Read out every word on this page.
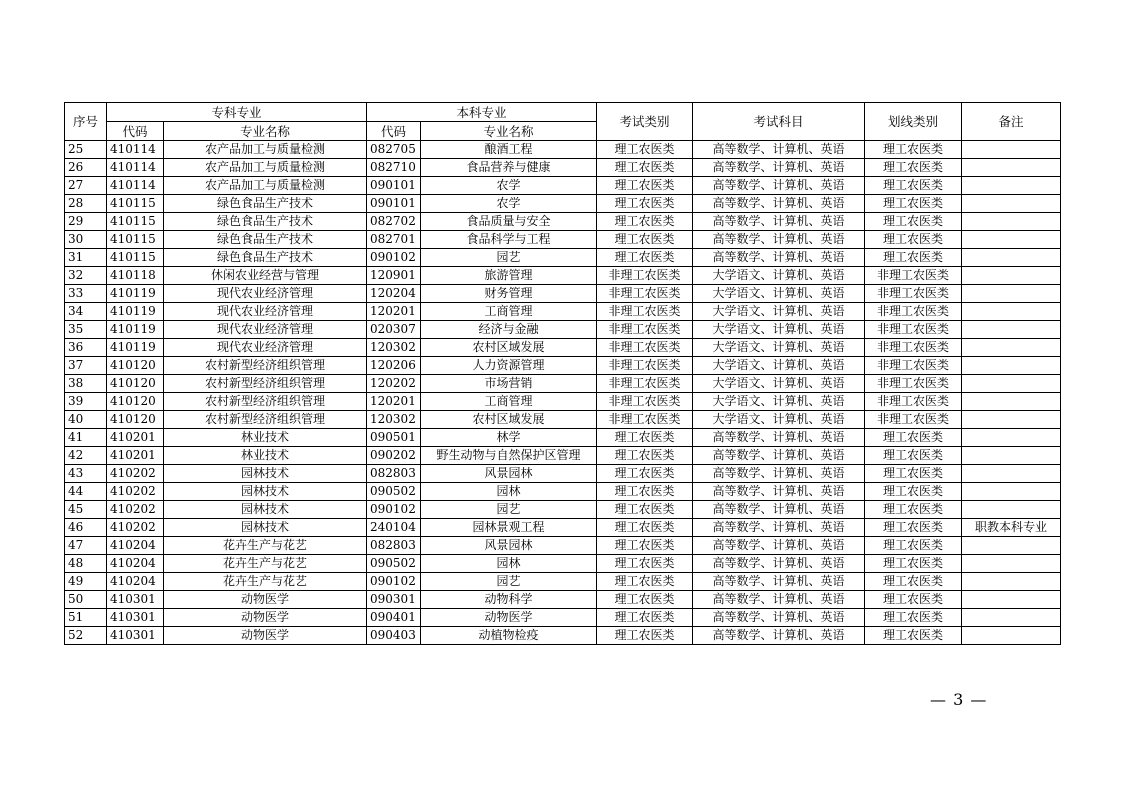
序号	专科专业		本科专业		考试类别	考试科目	划线类别	备注
	代码	专业名称	代码	专业名称				
25	410114	农产品加工与质量检测	082705	酿酒工程	理工农医类	高等数学、计算机、英语	理工农医类	
26	410114	农产品加工与质量检测	082710	食品营养与健康	理工农医类	高等数学、计算机、英语	理工农医类	
27	410114	农产品加工与质量检测	090101	农学	理工农医类	高等数学、计算机、英语	理工农医类	
28	410115	绿色食品生产技术	090101	农学	理工农医类	高等数学、计算机、英语	理工农医类	
29	410115	绿色食品生产技术	082702	食品质量与安全	理工农医类	高等数学、计算机、英语	理工农医类	
30	410115	绿色食品生产技术	082701	食品科学与工程	理工农医类	高等数学、计算机、英语	理工农医类	
31	410115	绿色食品生产技术	090102	园艺	理工农医类	高等数学、计算机、英语	理工农医类	
32	410118	休闲农业经营与管理	120901	旅游管理	非理工农医类	大学语文、计算机、英语	非理工农医类	
33	410119	现代农业经济管理	120204	财务管理	非理工农医类	大学语文、计算机、英语	非理工农医类	
34	410119	现代农业经济管理	120201	工商管理	非理工农医类	大学语文、计算机、英语	非理工农医类	
35	410119	现代农业经济管理	020307	经济与金融	非理工农医类	大学语文、计算机、英语	非理工农医类	
36	410119	现代农业经济管理	120302	农村区域发展	非理工农医类	大学语文、计算机、英语	非理工农医类	
37	410120	农村新型经济组织管理	120206	人力资源管理	非理工农医类	大学语文、计算机、英语	非理工农医类	
38	410120	农村新型经济组织管理	120202	市场营销	非理工农医类	大学语文、计算机、英语	非理工农医类	
39	410120	农村新型经济组织管理	120201	工商管理	非理工农医类	大学语文、计算机、英语	非理工农医类	
40	410120	农村新型经济组织管理	120302	农村区域发展	非理工农医类	大学语文、计算机、英语	非理工农医类	
41	410201	林业技术	090501	林学	理工农医类	高等数学、计算机、英语	理工农医类	
42	410201	林业技术	090202	野生动物与自然保护区管理	理工农医类	高等数学、计算机、英语	理工农医类	
43	410202	园林技术	082803	风景园林	理工农医类	高等数学、计算机、英语	理工农医类	
44	410202	园林技术	090502	园林	理工农医类	高等数学、计算机、英语	理工农医类	
45	410202	园林技术	090102	园艺	理工农医类	高等数学、计算机、英语	理工农医类	
46	410202	园林技术	240104	园林景观工程	理工农医类	高等数学、计算机、英语	理工农医类	职教本科专业
47	410204	花卉生产与花艺	082803	风景园林	理工农医类	高等数学、计算机、英语	理工农医类	
48	410204	花卉生产与花艺	090502	园林	理工农医类	高等数学、计算机、英语	理工农医类	
49	410204	花卉生产与花艺	090102	园艺	理工农医类	高等数学、计算机、英语	理工农医类	
50	410301	动物医学	090301	动物科学	理工农医类	高等数学、计算机、英语	理工农医类	
51	410301	动物医学	090401	动物医学	理工农医类	高等数学、计算机、英语	理工农医类	
52	410301	动物医学	090403	动植物检疫	理工农医类	高等数学、计算机、英语	理工农医类	
— 3 —
